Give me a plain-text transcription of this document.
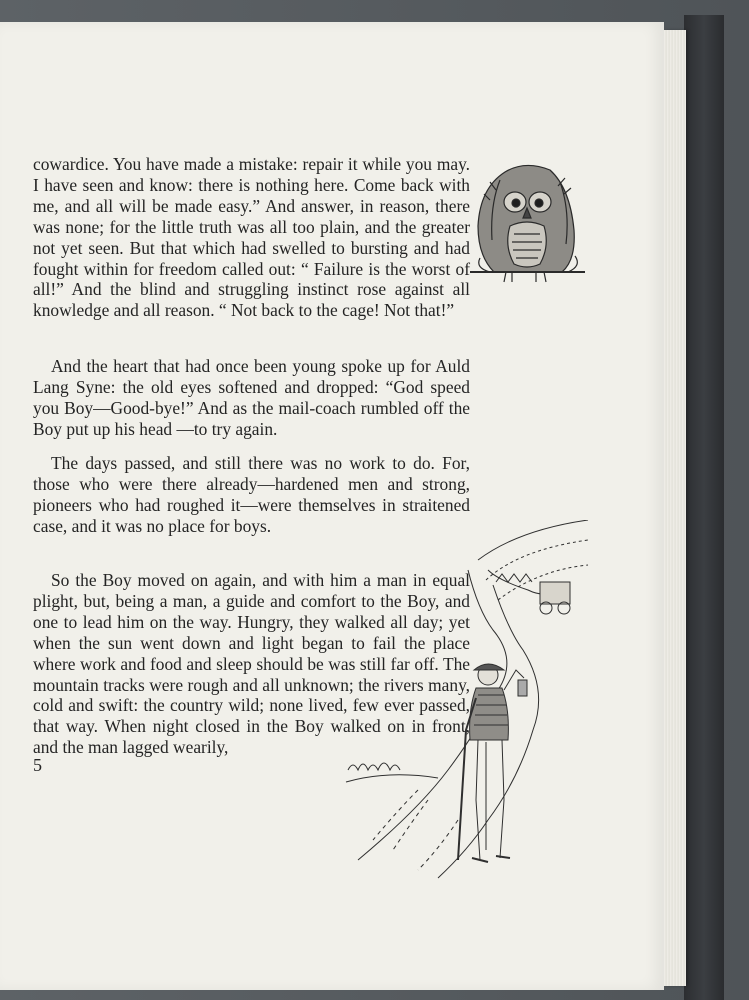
cowardice. You have made a mistake: repair it while you may. I have seen and know: there is nothing here. Come back with me, and all will be made easy.” And answer, in reason, there was none; for the little truth was all too plain, and the greater not yet seen. But that which had swelled to bursting and had fought within for freedom called out: “ Failure is the worst of all!” And the blind and struggling instinct rose against all knowledge and all reason. “ Not back to the cage! Not that!”

And the heart that had once been young spoke up for Auld Lang Syne: the old eyes softened and dropped: “God speed you Boy—Good-bye!” And as the mail-coach rumbled off the Boy put up his head —to try again.

The days passed, and still there was no work to do. For, those who were there already—hardened men and strong, pioneers who had roughed it—were themselves in straitened case, and it was no place for boys.

So the Boy moved on again, and with him a man in equal plight, but, being a man, a guide and comfort to the Boy, and one to lead him on the way. Hungry, they walked all day; yet when the sun went down and light began to fail the place where work and food and sleep should be was still far off. The mountain tracks were rough and all unknown; the rivers many, cold and swift: the country wild; none lived, few ever passed, that way. When night closed in the Boy walked on in front, and the man lagged wearily,

5
